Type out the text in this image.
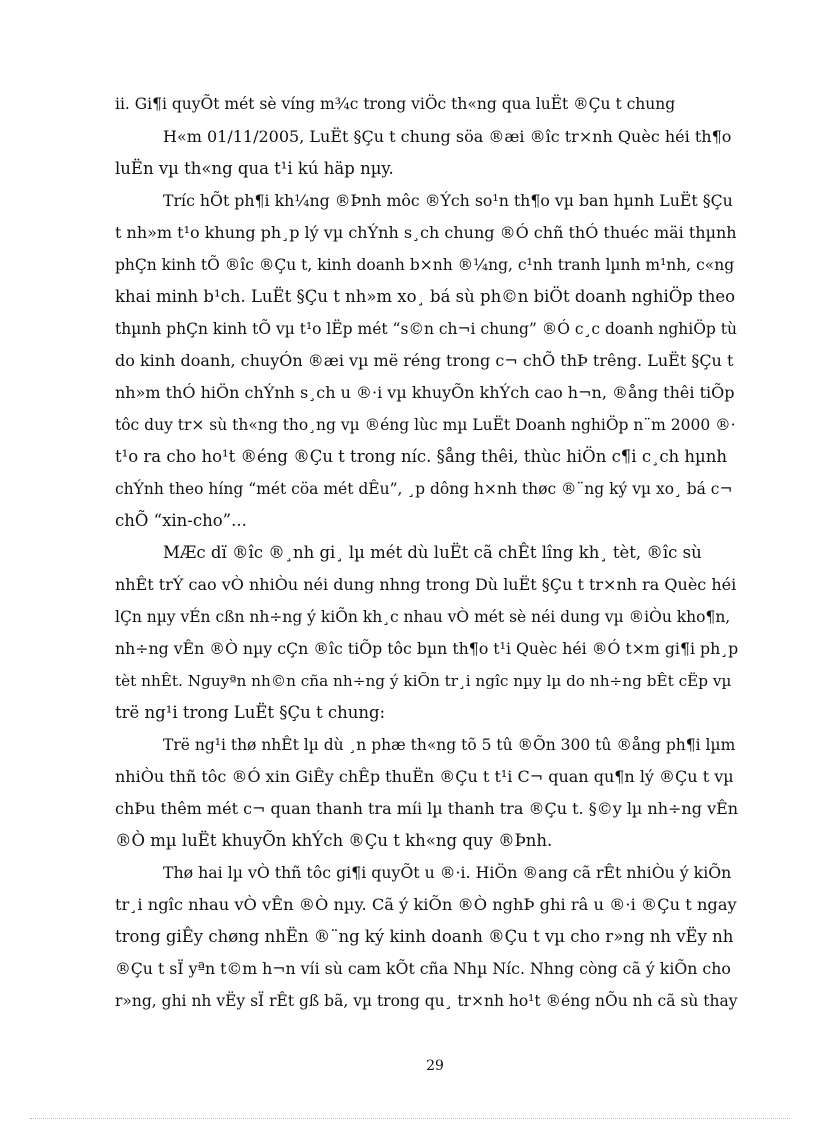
ii. Gi¶i quyÕt mét sè víng m¾c trong viÖc th«ng qua luËt ®Çu t chung

H«m 01/11/2005, LuËt §Çu t chung söa ®æi ®îc tr×nh Quèc héi th¶o

luËn vµ th«ng qua t¹i kú häp nµy.

Tríc hÕt ph¶i kh¼ng ®Þnh môc ®Ých so¹n th¶o vµ ban hµnh LuËt §Çu

t nh»m t¹o khung ph¸p lý vµ chÝnh s¸ch chung ®Ó chñ thÓ thuéc mäi thµnh

phÇn kinh tÕ ®îc ®Çu t, kinh doanh b×nh ®¼ng, c¹nh tranh lµnh m¹nh, c«ng

khai minh b¹ch. LuËt §Çu t nh»m xo¸ bá sù ph©n biÖt doanh nghiÖp theo

thµnh phÇn kinh tÕ vµ t¹o lËp mét “s©n ch¬i chung” ®Ó c¸c doanh nghiÖp tù

do kinh doanh, chuyÓn ®æi vµ më réng trong c¬ chÕ thÞ trêng. LuËt §Çu t

nh»m thÓ hiÖn chÝnh s¸ch u ®·i vµ khuyÕn khÝch cao h¬n, ®ång thêi tiÕp

tôc duy tr× sù th«ng tho¸ng vµ ®éng lùc mµ LuËt Doanh nghiÖp n¨m 2000 ®·

t¹o ra cho ho¹t ®éng ®Çu t trong níc. §ång thêi, thùc hiÖn c¶i c¸ch hµnh

chÝnh theo híng “mét cöa mét dÊu”, ¸p dông h×nh thøc ®¨ng ký vµ xo¸ bá c¬

chÕ “xin-cho”...

MÆc dï ®îc ®¸nh gi¸ lµ mét dù luËt cã chÊt lîng kh¸ tèt, ®îc sù

nhÊt trÝ cao vÒ nhiÒu néi dung nhng trong Dù luËt §Çu t tr×nh ra Quèc héi

lÇn nµy vÉn cßn nh÷ng ý kiÕn kh¸c nhau vÒ mét sè néi dung vµ ®iÒu kho¶n,

nh÷ng vÊn ®Ò nµy cÇn ®îc tiÕp tôc bµn th¶o t¹i Quèc héi ®Ó t×m gi¶i ph¸p

tèt nhÊt. Nguyªn nh©n cña nh÷ng ý kiÕn tr¸i ngîc nµy lµ do nh÷ng bÊt cËp vµ

trë ng¹i trong LuËt §Çu t chung:

Trë ng¹i thø nhÊt lµ dù ¸n phæ th«ng tõ 5 tû ®Õn 300 tû ®ång ph¶i lµm

nhiÒu thñ tôc ®Ó xin GiÊy chÊp thuËn ®Çu t t¹i C¬ quan qu¶n lý ®Çu t vµ

chÞu thêm mét c¬ quan thanh tra míi lµ thanh tra ®Çu t. §©y lµ nh÷ng vÊn

®Ò mµ luËt khuyÕn khÝch ®Çu t kh«ng quy ®Þnh.

Thø hai lµ vÒ thñ tôc gi¶i quyÕt u ®·i. HiÖn ®ang cã rÊt nhiÒu ý kiÕn

tr¸i ngîc nhau vÒ vÊn ®Ò nµy. Cã ý kiÕn ®Ò nghÞ ghi râ u ®·i ®Çu t ngay

trong giÊy chøng nhËn ®¨ng ký kinh doanh ®Çu t vµ cho r»ng nh vËy nh

®Çu t sÏ yªn t©m h¬n víi sù cam kÕt cña Nhµ Níc. Nhng còng cã ý kiÕn cho

r»ng, ghi nh vËy sÏ rÊt gß bã, vµ trong qu¸ tr×nh ho¹t ®éng nÕu nh cã sù thay

29
